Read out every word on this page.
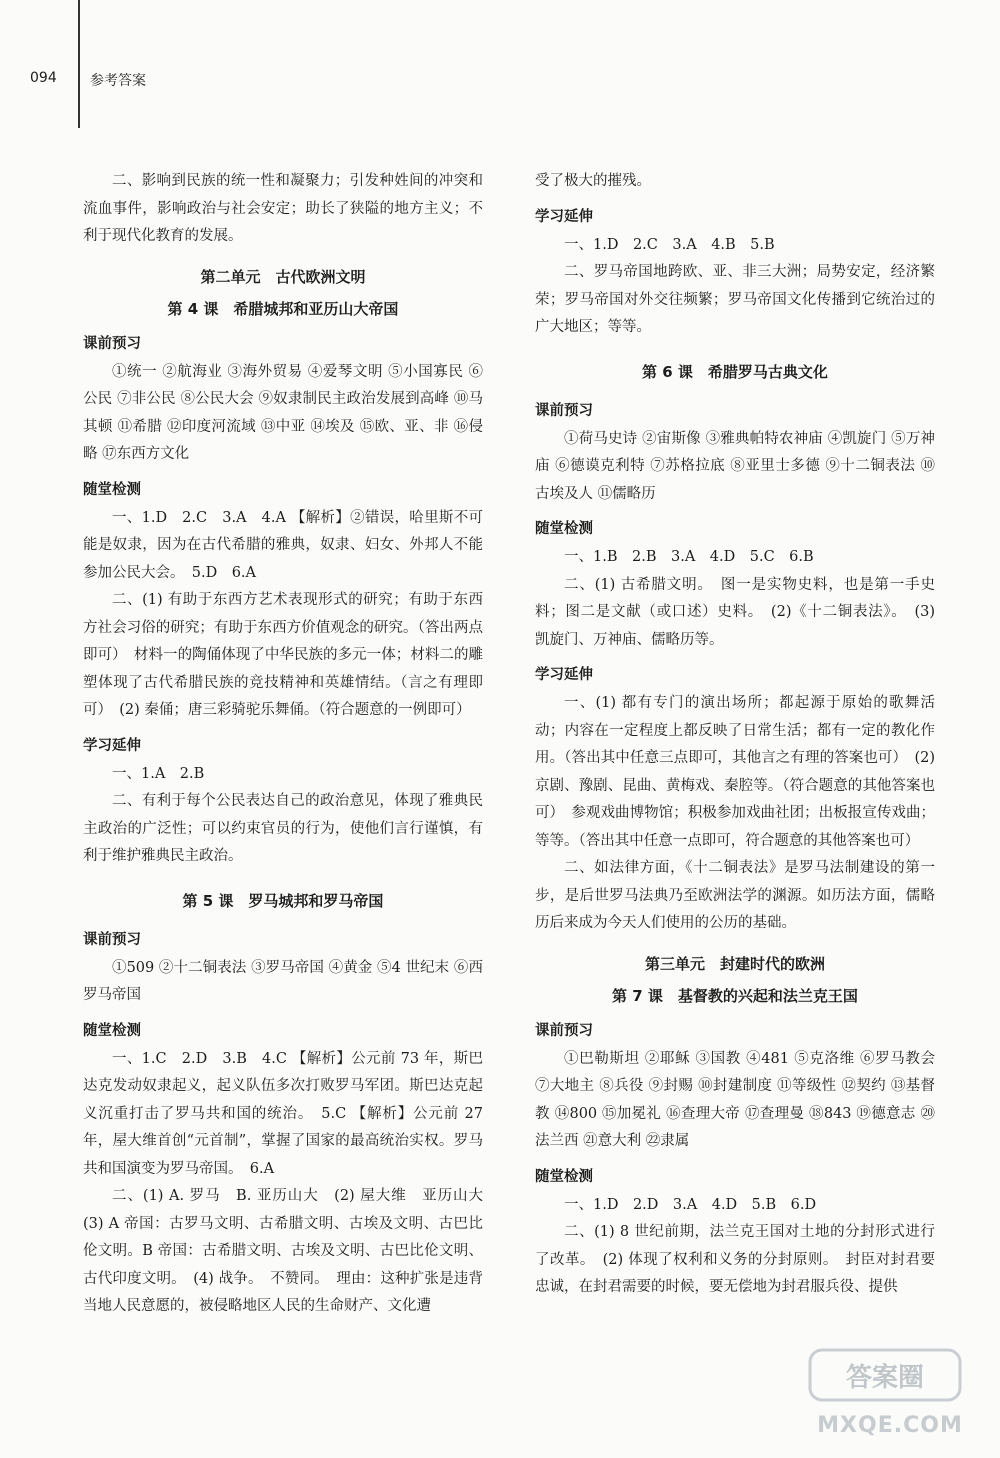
094 参考答案

二、影响到民族的统一性和凝聚力；引发种姓间的冲突和流血事件，影响政治与社会安定；助长了狭隘的地方主义；不利于现代化教育的发展。

第二单元　古代欧洲文明
第 4 课　希腊城邦和亚历山大帝国
课前预习

①统一 ②航海业 ③海外贸易 ④爱琴文明 ⑤小国寡民 ⑥公民 ⑦非公民 ⑧公民大会 ⑨奴隶制民主政治发展到高峰 ⑩马其顿 ⑪希腊 ⑫印度河流域 ⑬中亚 ⑭埃及 ⑮欧、亚、非 ⑯侵略 ⑰东西方文化

随堂检测

一、1.D　2.C　3.A　4.A 【解析】②错误，哈里斯不可能是奴隶，因为在古代希腊的雅典，奴隶、妇女、外邦人不能参加公民大会。　5.D　6.A

二、(1) 有助于东西方艺术表现形式的研究；有助于东西方社会习俗的研究；有助于东西方价值观念的研究。（答出两点即可）　材料一的陶俑体现了中华民族的多元一体；材料二的雕塑体现了古代希腊民族的竞技精神和英雄情结。（言之有理即可）　(2) 秦俑；唐三彩骑驼乐舞俑。（符合题意的一例即可）

学习延伸

一、1.A　2.B

二、有利于每个公民表达自己的政治意见，体现了雅典民主政治的广泛性；可以约束官员的行为，使他们言行谨慎，有利于维护雅典民主政治。

第 5 课　罗马城邦和罗马帝国
课前预习

①509 ②十二铜表法 ③罗马帝国 ④黄金 ⑤4 世纪末 ⑥西罗马帝国

随堂检测

一、1.C　2.D　3.B　4.C 【解析】公元前 73 年，斯巴达克发动奴隶起义，起义队伍多次打败罗马军团。斯巴达克起义沉重打击了罗马共和国的统治。　5.C 【解析】公元前 27 年，屋大维首创“元首制”，掌握了国家的最高统治实权。罗马共和国演变为罗马帝国。　6.A

二、(1) A. 罗马　B. 亚历山大　(2) 屋大维　亚历山大　(3) A 帝国：古罗马文明、古希腊文明、古埃及文明、古巴比伦文明。B 帝国：古希腊文明、古埃及文明、古巴比伦文明、古代印度文明。　(4) 战争。　不赞同。　理由：这种扩张是违背当地人民意愿的，被侵略地区人民的生命财产、文化遭

受了极大的摧残。

学习延伸

一、1.D　2.C　3.A　4.B　5.B

二、罗马帝国地跨欧、亚、非三大洲；局势安定，经济繁荣；罗马帝国对外交往频繁；罗马帝国文化传播到它统治过的广大地区；等等。

第 6 课　希腊罗马古典文化
课前预习

①荷马史诗 ②宙斯像 ③雅典帕特农神庙 ④凯旋门 ⑤万神庙 ⑥德谟克利特 ⑦苏格拉底 ⑧亚里士多德 ⑨十二铜表法 ⑩古埃及人 ⑪儒略历

随堂检测

一、1.B　2.B　3.A　4.D　5.C　6.B

二、(1) 古希腊文明。　图一是实物史料，也是第一手史料；图二是文献（或口述）史料。　(2)《十二铜表法》。　(3) 凯旋门、万神庙、儒略历等。

学习延伸

一、(1) 都有专门的演出场所；都起源于原始的歌舞活动；内容在一定程度上都反映了日常生活；都有一定的教化作用。（答出其中任意三点即可，其他言之有理的答案也可）　(2) 京剧、豫剧、昆曲、黄梅戏、秦腔等。（符合题意的其他答案也可）　参观戏曲博物馆；积极参加戏曲社团；出板报宣传戏曲；等等。（答出其中任意一点即可，符合题意的其他答案也可）

二、如法律方面，《十二铜表法》是罗马法制建设的第一步，是后世罗马法典乃至欧洲法学的渊源。如历法方面，儒略历后来成为今天人们使用的公历的基础。

第三单元　封建时代的欧洲
第 7 课　基督教的兴起和法兰克王国
课前预习

①巴勒斯坦 ②耶稣 ③国教 ④481 ⑤克洛维 ⑥罗马教会 ⑦大地主 ⑧兵役 ⑨封赐 ⑩封建制度 ⑪等级性 ⑫契约 ⑬基督教 ⑭800 ⑮加冕礼 ⑯查理大帝 ⑰查理曼 ⑱843 ⑲德意志 ⑳法兰西 ㉑意大利 ㉒隶属

随堂检测

一、1.D　2.D　3.A　4.D　5.B　6.D

二、(1) 8 世纪前期，法兰克王国对土地的分封形式进行了改革。　(2) 体现了权利和义务的分封原则。　封臣对封君要忠诚，在封君需要的时候，要无偿地为封君服兵役、提供

答案圈
MXQE.COM
